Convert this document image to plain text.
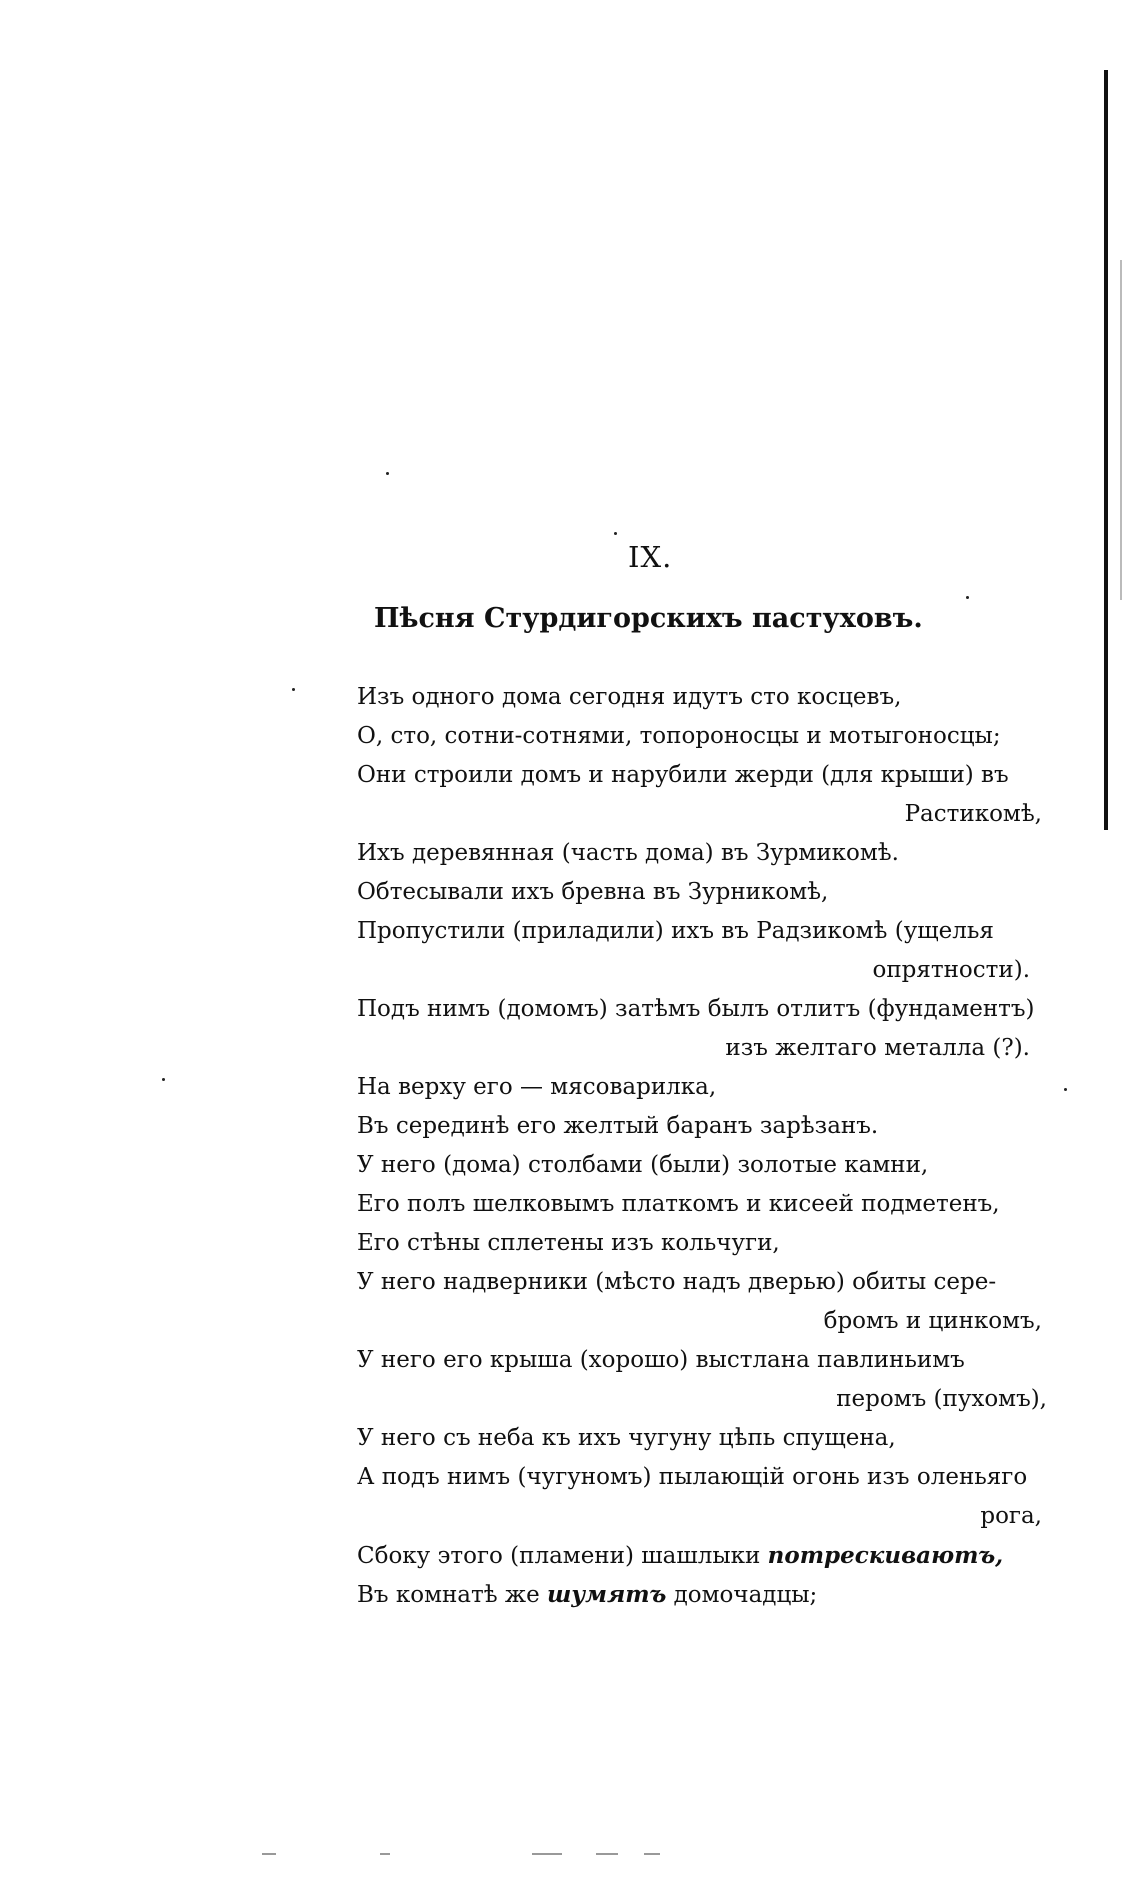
IX.
Пѣсня Стурдигорскихъ пастуховъ.
Изъ одного дома сегодня идутъ сто косцевъ,
О, сто, сотни-сотнями, топороносцы и мотыгоносцы;
Они строили домъ и нарубили жерди (для крыши) въ
Растикомѣ,
Ихъ деревянная (часть дома) въ Зурмикомѣ.
Обтесывали ихъ бревна въ Зурникомѣ,
Пропустили (приладили) ихъ въ Радзикомѣ (ущелья
опрятности).
Подъ нимъ (домомъ) затѣмъ былъ отлитъ (фундаментъ)
изъ желтаго металла (?).
На верху его — мясоварилка,
Въ серединѣ его желтый баранъ зарѣзанъ.
У него (дома) столбами (были) золотые камни,
Его полъ шелковымъ платкомъ и кисеей подметенъ,
Его стѣны сплетены изъ кольчуги,
У него надверники (мѣсто надъ дверью) обиты сере-
бромъ и цинкомъ,
У него его крыша (хорошо) выстлана павлиньимъ
перомъ (пухомъ),
У него съ неба къ ихъ чугуну цѣпь спущена,
А подъ нимъ (чугуномъ) пылающій огонь изъ оленьяго
рога,
Сбоку этого (пламени) шашлыки потрескиваютъ,
Въ комнатѣ же шумятъ домочадцы;
